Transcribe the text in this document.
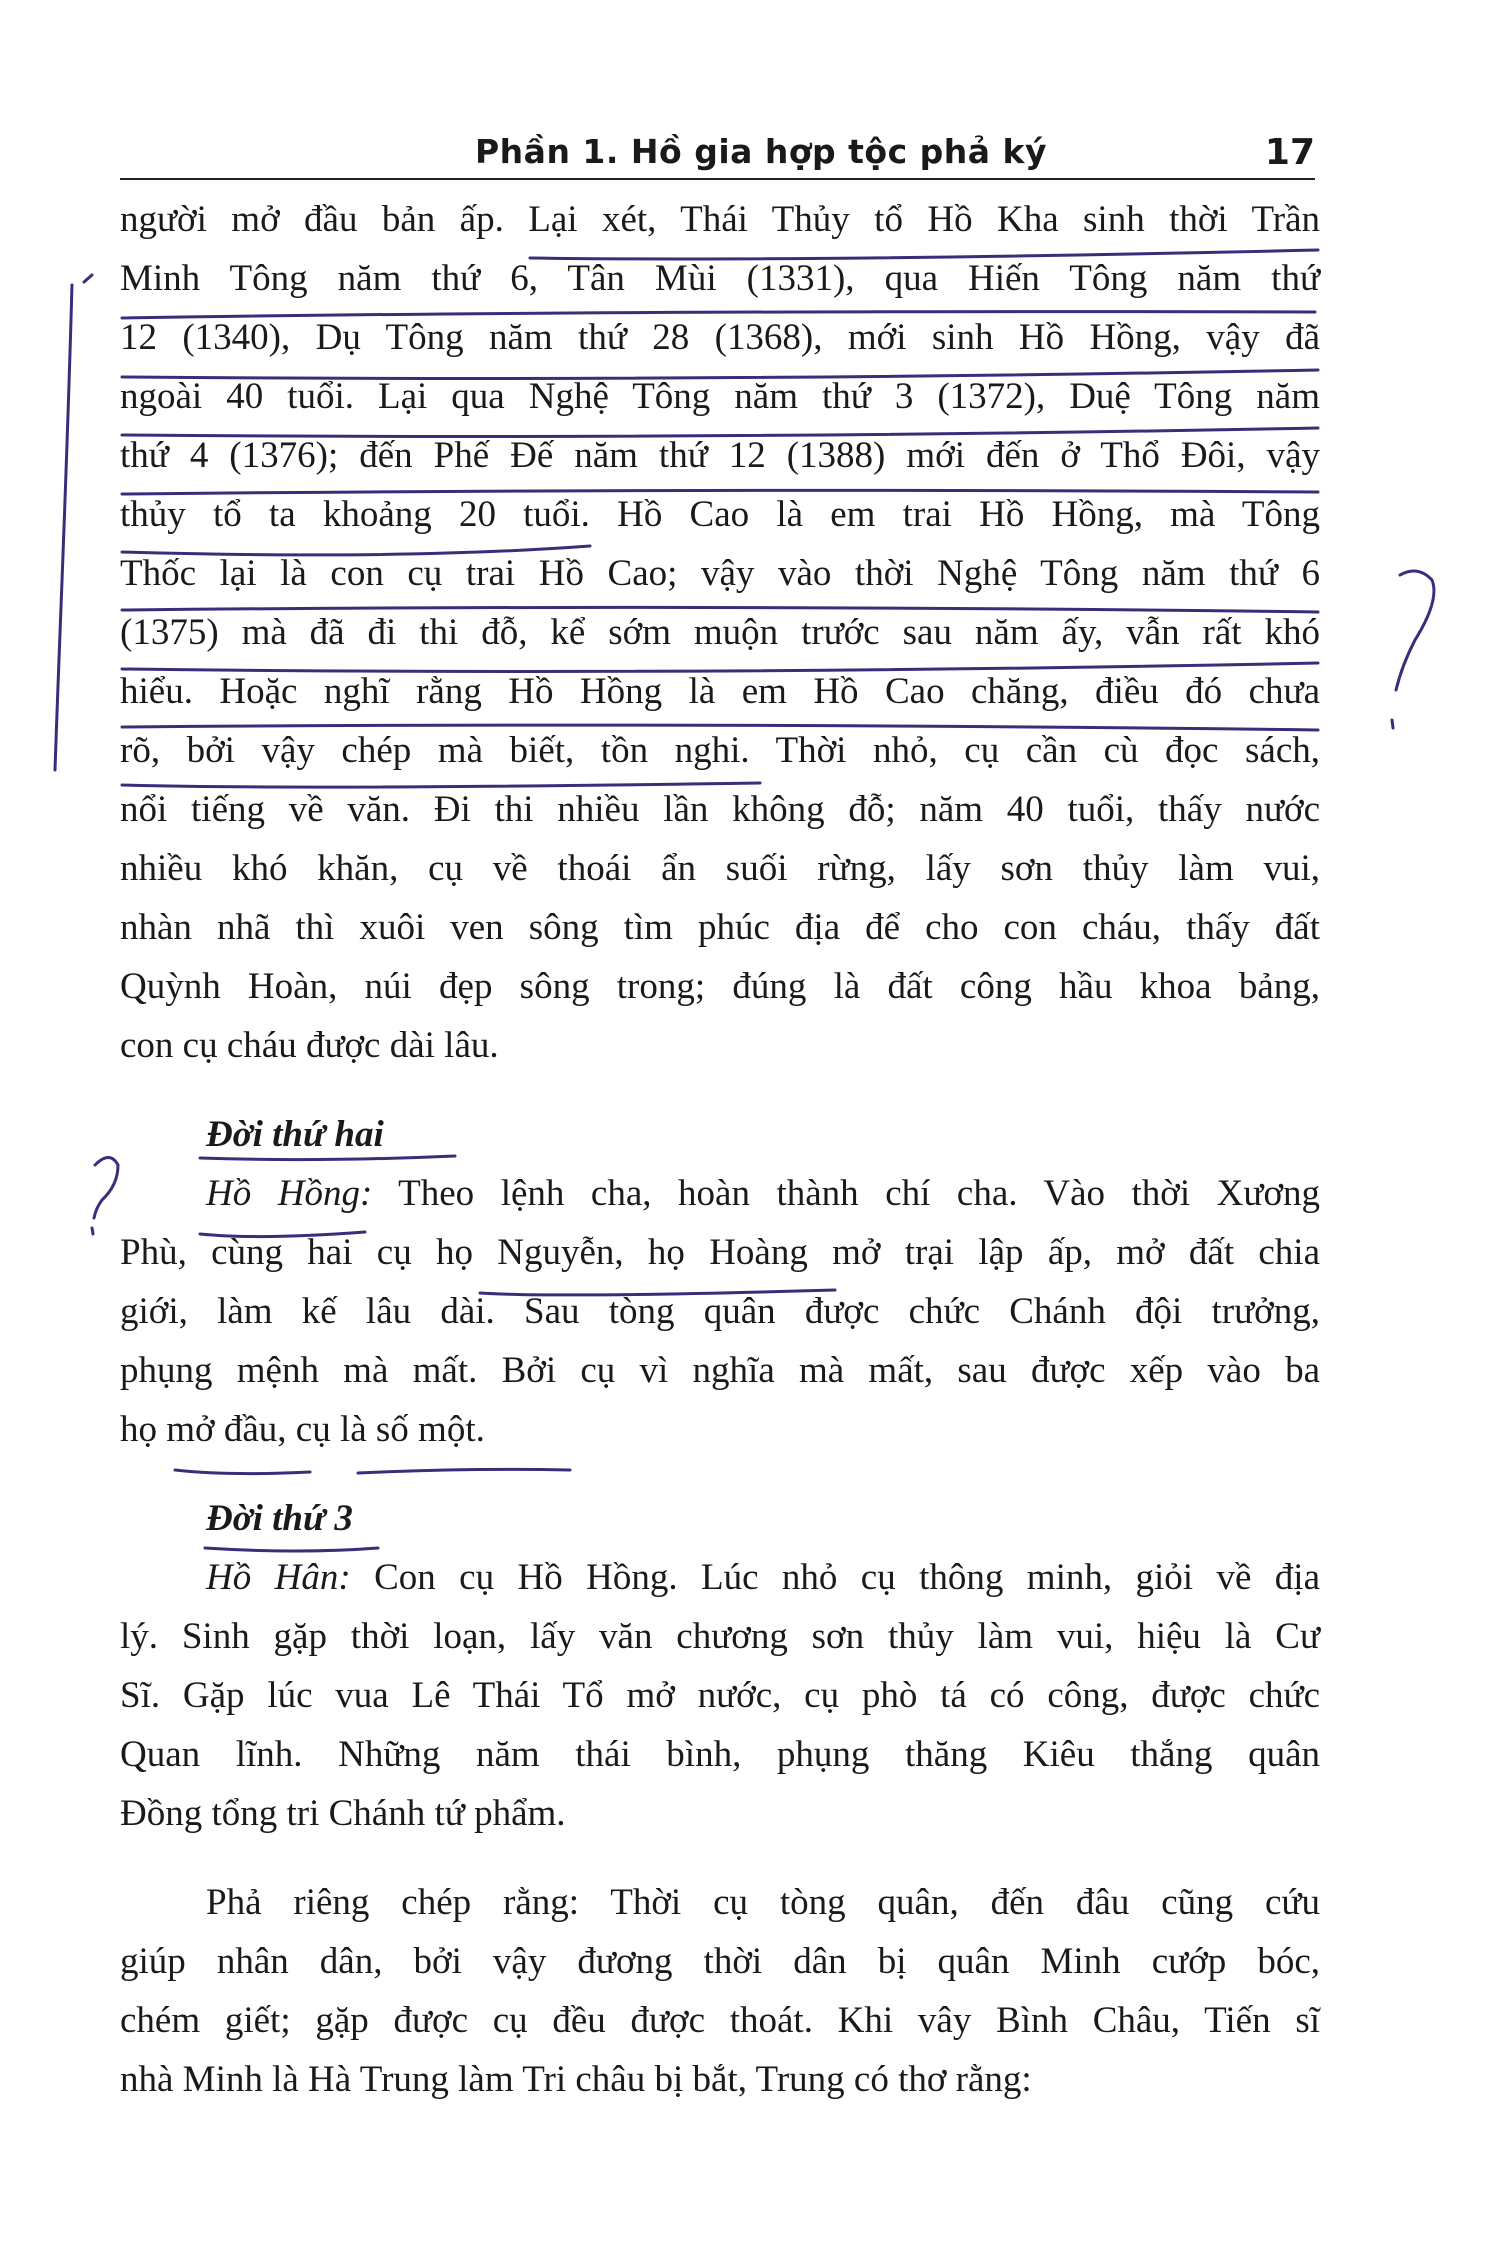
Phần 1. Hồ gia hợp tộc phả ký	17

người mở đầu bản ấp. Lại xét, Thái Thủy tổ Hồ Kha sinh thời Trần
Minh Tông năm thứ 6, Tân Mùi (1331), qua Hiến Tông năm thứ
12 (1340), Dụ Tông năm thứ 28 (1368), mới sinh Hồ Hồng, vậy đã
ngoài 40 tuổi. Lại qua Nghệ Tông năm thứ 3 (1372), Duệ Tông năm
thứ 4 (1376); đến Phế Đế năm thứ 12 (1388) mới đến ở Thổ Đôi, vậy
thủy tổ ta khoảng 20 tuổi. Hồ Cao là em trai Hồ Hồng, mà Tông
Thốc lại là con cụ trai Hồ Cao; vậy vào thời Nghệ Tông năm thứ 6
(1375) mà đã đi thi đỗ, kể sớm muộn trước sau năm ấy, vẫn rất khó
hiểu. Hoặc nghĩ rằng Hồ Hồng là em Hồ Cao chăng, điều đó chưa
rõ, bởi vậy chép mà biết, tồn nghi. Thời nhỏ, cụ cần cù đọc sách,
nổi tiếng về văn. Đi thi nhiều lần không đỗ; năm 40 tuổi, thấy nước
nhiều khó khăn, cụ về thoái ẩn suối rừng, lấy sơn thủy làm vui,
nhàn nhã thì xuôi ven sông tìm phúc địa để cho con cháu, thấy đất
Quỳnh Hoàn, núi đẹp sông trong; đúng là đất công hầu khoa bảng,
con cụ cháu được dài lâu.

Đời thứ hai

Hồ Hồng: Theo lệnh cha, hoàn thành chí cha. Vào thời Xương
Phù, cùng hai cụ họ Nguyễn, họ Hoàng mở trại lập ấp, mở đất chia
giới, làm kế lâu dài. Sau tòng quân được chức Chánh đội trưởng,
phụng mệnh mà mất. Bởi cụ vì nghĩa mà mất, sau được xếp vào ba
họ mở đầu, cụ là số một.

Đời thứ 3

Hồ Hân: Con cụ Hồ Hồng. Lúc nhỏ cụ thông minh, giỏi về địa
lý. Sinh gặp thời loạn, lấy văn chương sơn thủy làm vui, hiệu là Cư
Sĩ. Gặp lúc vua Lê Thái Tổ mở nước, cụ phò tá có công, được chức
Quan lĩnh. Những năm thái bình, phụng thăng Kiêu thắng quân
Đồng tổng tri Chánh tứ phẩm.

Phả riêng chép rằng: Thời cụ tòng quân, đến đâu cũng cứu
giúp nhân dân, bởi vậy đương thời dân bị quân Minh cướp bóc,
chém giết; gặp được cụ đều được thoát. Khi vây Bình Châu, Tiến sĩ
nhà Minh là Hà Trung làm Tri châu bị bắt, Trung có thơ rằng:
